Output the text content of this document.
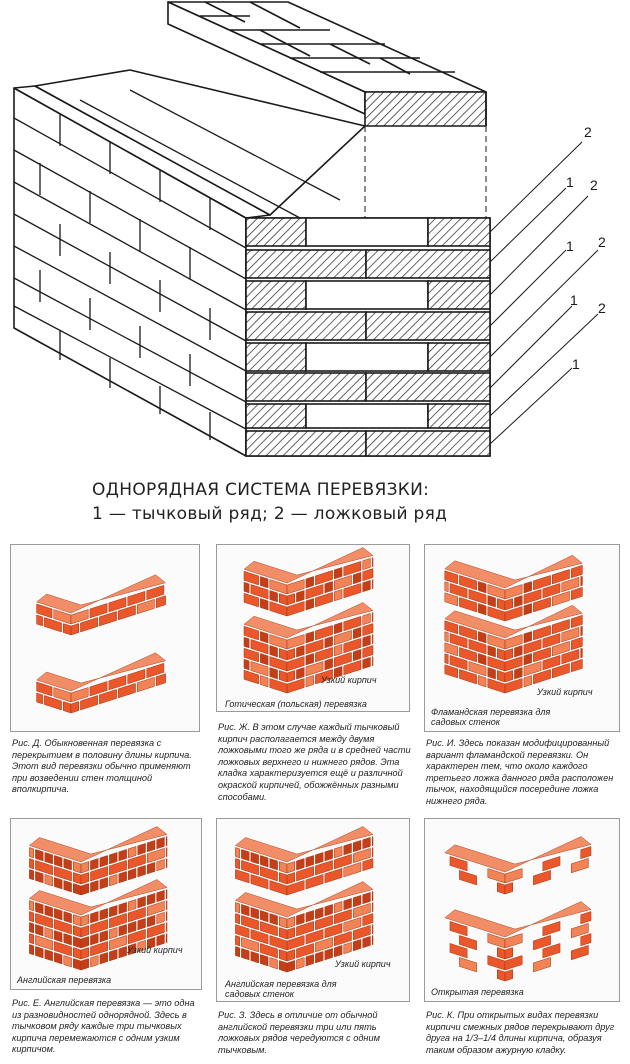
2
1 2
1 2
1 2
1
ОДНОРЯДНАЯ СИСТЕМА ПЕРЕВЯЗКИ:
1 — тычковый ряд; 2 — ложковый ряд
Рис. Д. Обыкновенная перевязка с перекрытием в половину длины кирпича. Этот вид перевязки обычно применяют при возведении стен толщиной вполкирпича.
Узкий кирпич
Готическая (польская) перевязка
Рис. Ж. В этом случае каждый тычковый кирпич располагается между двумя ложковыми того же ряда и в средней части ложковых верхнего и нижнего рядов. Эта кладка характеризуется ещё и различной окраской кирпичей, обожжённых разными способами.
Узкий кирпич
Фламандская перевязка для садовых стенок
Рис. И. Здесь показан модифицированный вариант фламандской перевязки. Он характерен тем, что около каждого третьего ложка данного ряда расположен тычок, находящийся посередине ложка нижнего ряда.
Узкий кирпич
Английская перевязка
Рис. Е. Английская перевязка — это одна из разновидностей однорядной. Здесь в тычковом ряду каждые три тычковых кирпича перемежаются с одним узким кирпичом.
Узкий кирпич
Английская перевязка для садовых стенок
Рис. З. Здесь в отличие от обычной английской перевязки три или пять ложковых рядов чередуются с одним тычковым.
Открытая перевязка
Рис. К. При открытых видах перевязки кирпичи смежных рядов перекрывают друг друга на 1/3–1/4 длины кирпича, образуя таким образом ажурную кладку.
